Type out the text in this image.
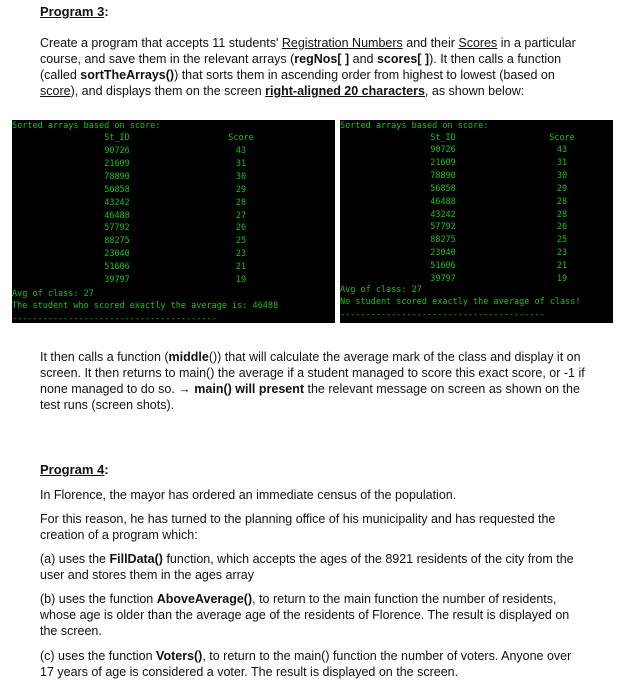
Program 3:
Create a program that accepts 11 students' Registration Numbers and their Scores in a particular course, and save them in the relevant arrays (regNos[ ] and scores[ ]). It then calls a function (called sortTheArrays()) that sorts them in ascending order from highest to lowest (based on score), and displays them on the screen right-aligned 20 characters, as shown below:
Sorted arrays based on score:
St_ID	Score
90726	43
21609	31
78890	30
56858	29
43242	28
46488	27
57792	26
88275	25
23040	23
51606	21
39797	19
Avg of class: 27
The student who scored exactly the average is: 46488
----------------------------------------
Sorted arrays based on score:
St_ID	Score
90726	43
21609	31
78890	30
56858	29
46488	28
43242	28
57792	26
88275	25
23040	23
51606	21
39797	19
Avg of class: 27
No student scored exactly the average of class!
----------------------------------------
It then calls a function (middle()) that will calculate the average mark of the class and display it on screen. It then returns to main() the average if a student managed to score this exact score, or -1 if none managed to do so. → main() will present the relevant message on screen as shown on the test runs (screen shots).
Program 4:
In Florence, the mayor has ordered an immediate census of the population.
For this reason, he has turned to the planning office of his municipality and has requested the creation of a program which:
(a) uses the FillData() function, which accepts the ages of the 8921 residents of the city from the user and stores them in the ages array
(b) uses the function AboveAverage(), to return to the main function the number of residents, whose age is older than the average age of the residents of Florence. The result is displayed on the screen.
(c) uses the function Voters(), to return to the main() function the number of voters. Anyone over 17 years of age is considered a voter. The result is displayed on the screen.
